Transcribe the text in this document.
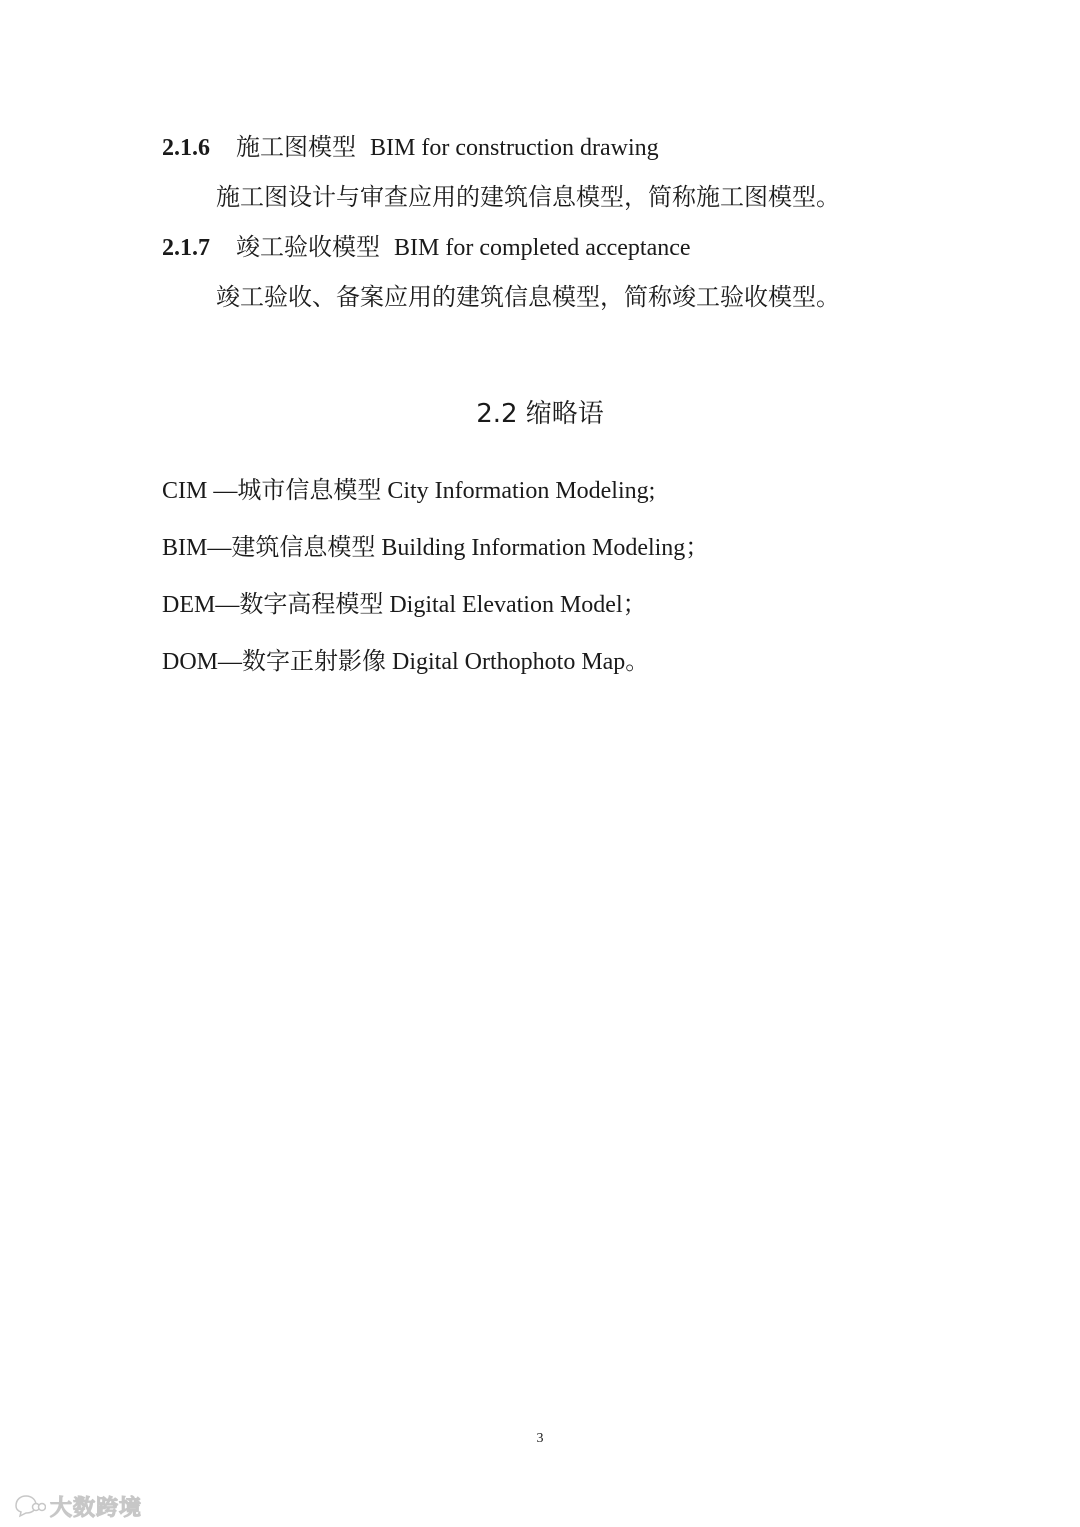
2.1.6 施工图模型 BIM for construction drawing
施工图设计与审查应用的建筑信息模型，简称施工图模型。
2.1.7 竣工验收模型 BIM for completed acceptance
竣工验收、备案应用的建筑信息模型，简称竣工验收模型。
2.2 缩略语
CIM —城市信息模型 City Information Modeling;
BIM—建筑信息模型 Building Information Modeling；
DEM—数字高程模型 Digital Elevation Model；
DOM—数字正射影像 Digital Orthophoto Map。
3
大数跨境
